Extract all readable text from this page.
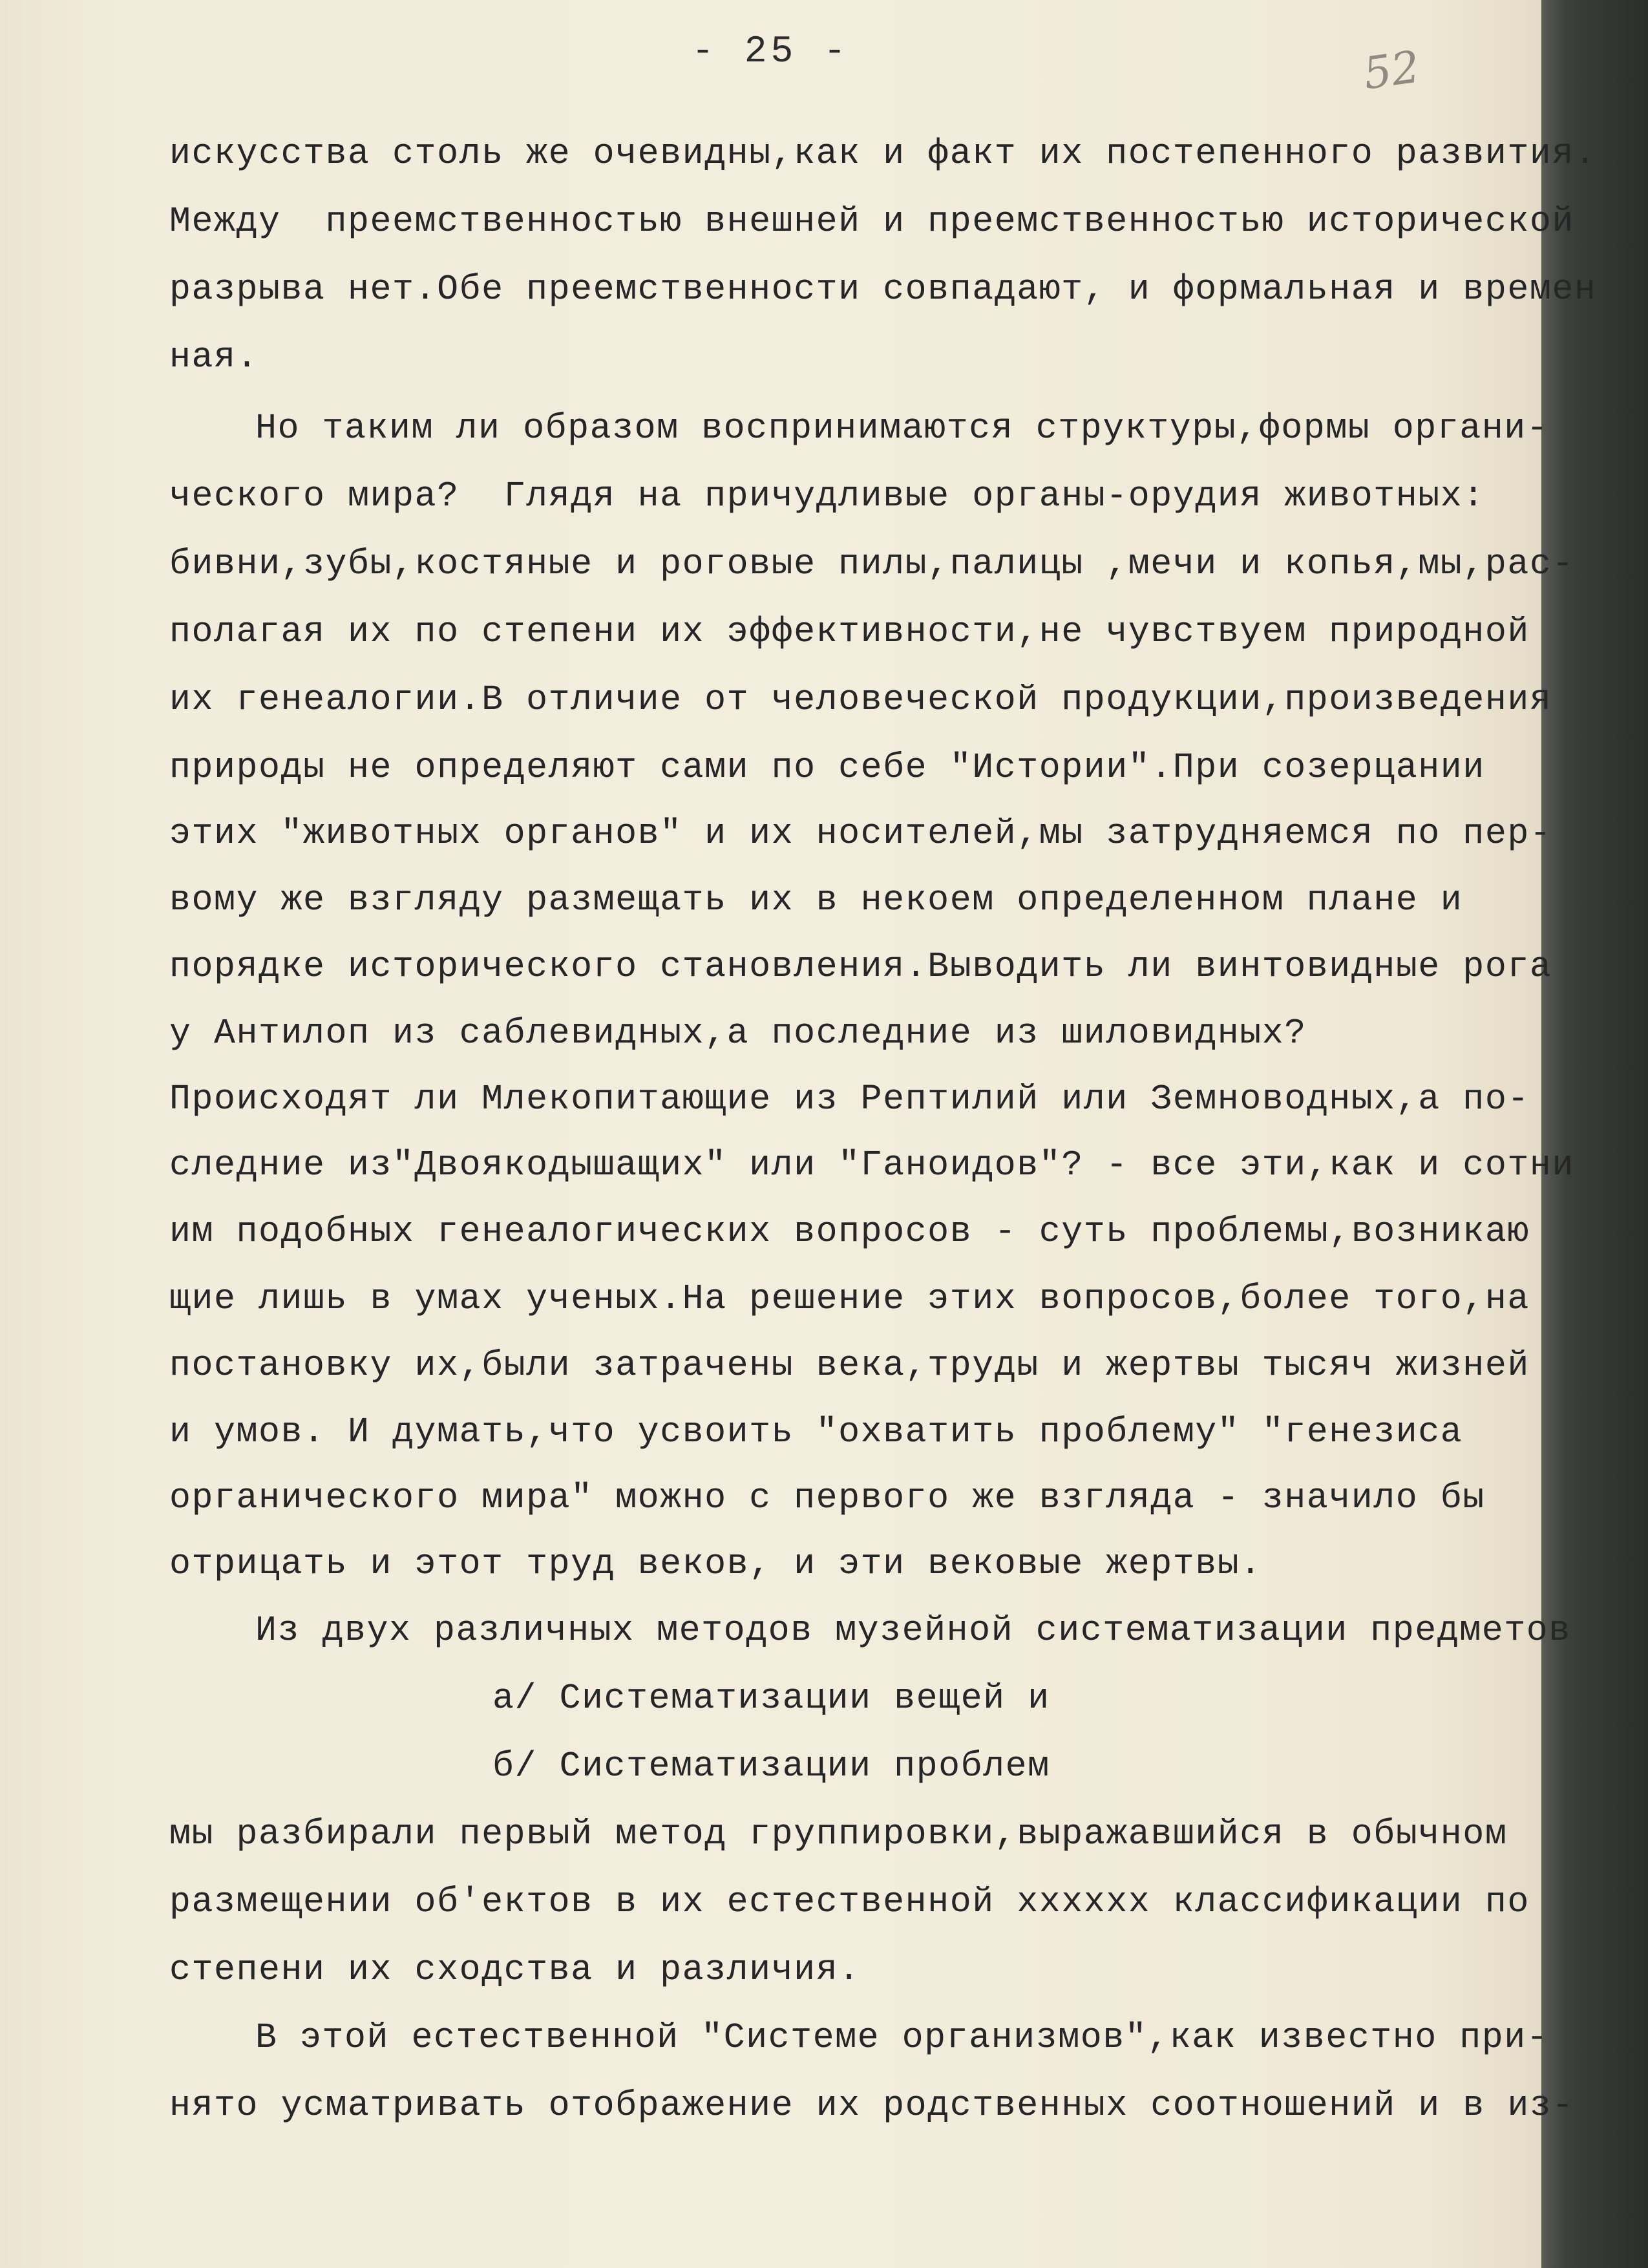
- 25 -	52
искусства столь же очевидны,как и факт их постепенного развития.
Между  преемственностью внешней и преемственностью исторической
разрыва нет.Обе преемственности совпадают, и формальная и времен
ная.
Но таким ли образом воспринимаются структуры,формы органи-
ческого мира?  Глядя на причудливые органы-орудия животных:
бивни,зубы,костяные и роговые пилы,палицы ,мечи и копья,мы,рас-
полагая их по степени их эффективности,не чувствуем природной
их генеалогии.В отличие от человеческой продукции,произведения
природы не определяют сами по себе "Истории".При созерцании
этих "животных органов" и их носителей,мы затрудняемся по пер-
вому же взгляду размещать их в некоем определенном плане и
порядке исторического становления.Выводить ли винтовидные рога
у Антилоп из саблевидных,а последние из шиловидных?
Происходят ли Млекопитающие из Рептилий или Земноводных,а по-
следние из"Двоякодышащих" или "Ганоидов"? - все эти,как и сотни
им подобных генеалогических вопросов - суть проблемы,возникаю
щие лишь в умах ученых.На решение этих вопросов,более того,на
постановку их,были затрачены века,труды и жертвы тысяч жизней
и умов. И думать,что усвоить "охватить проблему" "генезиса
органического мира" можно с первого же взгляда - значило бы
отрицать и этот труд веков, и эти вековые жертвы.
Из двух различных методов музейной систематизации предметов
а/ Систематизации вещей и
б/ Систематизации проблем
мы разбирали первый метод группировки,выражавшийся в обычном
размещении об'ектов в их естественной xxxxxx классификации по
степени их сходства и различия.
В этой естественной "Системе организмов",как известно при-
нято усматривать отображение их родственных соотношений и в из-
